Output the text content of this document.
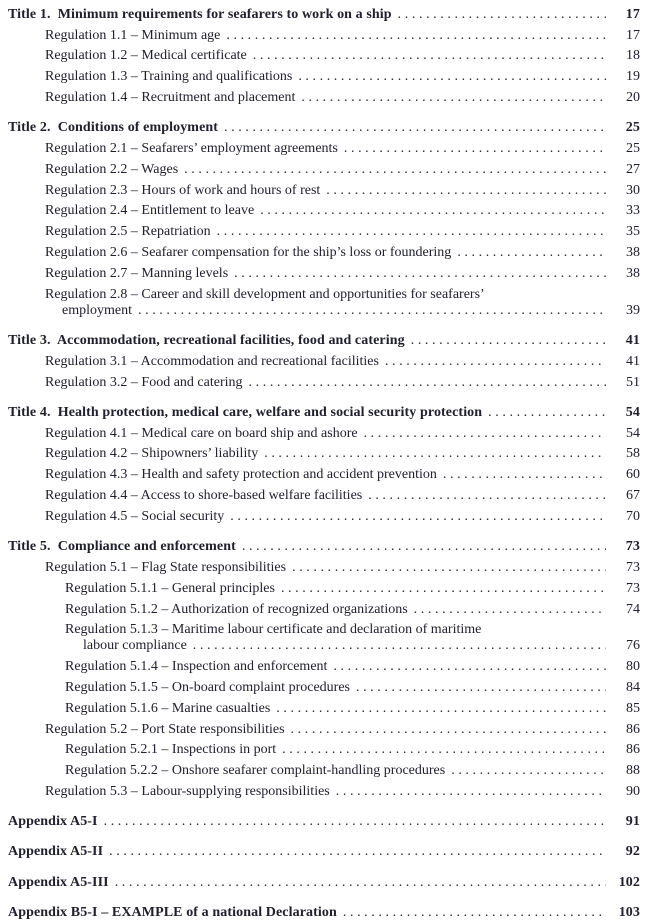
Title 1.  Minimum requirements for seafarers to work on a ship .....	17
Regulation 1.1 – Minimum age .....	17
Regulation 1.2 – Medical certificate .....	18
Regulation 1.3 – Training and qualifications .....	19
Regulation 1.4 – Recruitment and placement .....	20
Title 2.  Conditions of employment .....	25
Regulation 2.1 – Seafarers’ employment agreements .....	25
Regulation 2.2 – Wages .....	27
Regulation 2.3 – Hours of work and hours of rest .....	30
Regulation 2.4 – Entitlement to leave .....	33
Regulation 2.5 – Repatriation .....	35
Regulation 2.6 – Seafarer compensation for the ship’s loss or foundering .....	38
Regulation 2.7 – Manning levels .....	38
Regulation 2.8 – Career and skill development and opportunities for seafarers’
employment .....	39
Title 3.  Accommodation, recreational facilities, food and catering .....	41
Regulation 3.1 – Accommodation and recreational facilities .....	41
Regulation 3.2 – Food and catering .....	51
Title 4.  Health protection, medical care, welfare and social security protection .....	54
Regulation 4.1 – Medical care on board ship and ashore .....	54
Regulation 4.2 – Shipowners’ liability .....	58
Regulation 4.3 – Health and safety protection and accident prevention .....	60
Regulation 4.4 – Access to shore-based welfare facilities .....	67
Regulation 4.5 – Social security .....	70
Title 5.  Compliance and enforcement .....	73
Regulation 5.1 – Flag State responsibilities .....	73
Regulation 5.1.1 – General principles .....	73
Regulation 5.1.2 – Authorization of recognized organizations .....	74
Regulation 5.1.3 – Maritime labour certificate and declaration of maritime
labour compliance .....	76
Regulation 5.1.4 – Inspection and enforcement .....	80
Regulation 5.1.5 – On-board complaint procedures .....	84
Regulation 5.1.6 – Marine casualties .....	85
Regulation 5.2 – Port State responsibilities .....	86
Regulation 5.2.1 – Inspections in port .....	86
Regulation 5.2.2 – Onshore seafarer complaint-handling procedures .....	88
Regulation 5.3 – Labour-supplying responsibilities .....	90
Appendix A5-I .....	91
Appendix A5-II .....	92
Appendix A5-III .....	102
Appendix B5-I – EXAMPLE of a national Declaration .....	103
